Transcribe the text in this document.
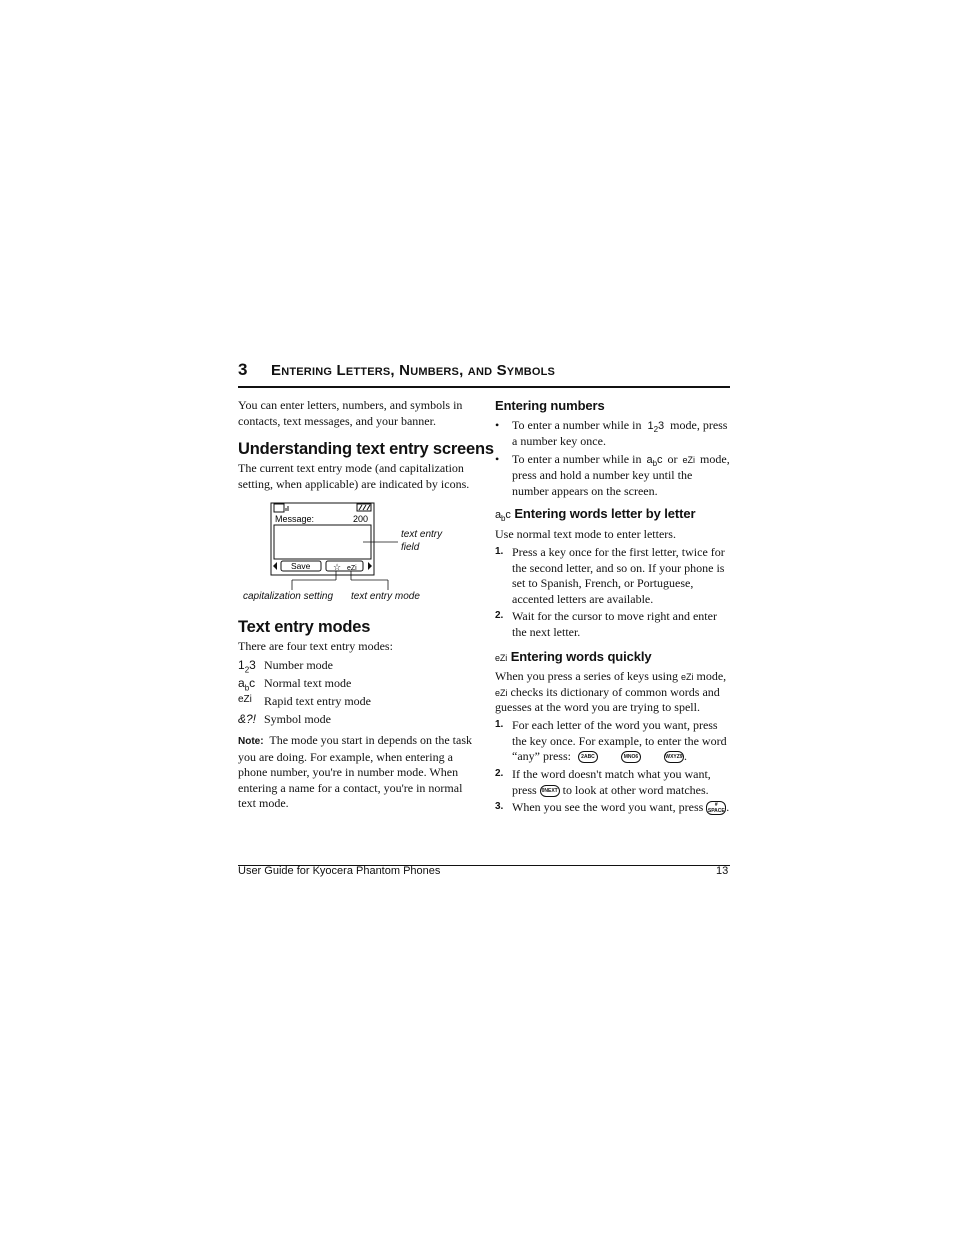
3 Entering Letters, Numbers, and Symbols
You can enter letters, numbers, and symbols in contacts, text messages, and your banner.
Understanding text entry screens
The current text entry mode (and capitalization setting, when applicable) are indicated by icons.
Message:	200
Save	☆ eZi
text entry
field
capitalization setting text entry mode
Text entry modes
There are four text entry modes:
$1_23$ Number mode
$a_bc$ Normal text mode
eZi	Rapid text entry mode
&?! Symbol mode
Note: The mode you start in depends on the task you are doing. For example, when entering a phone number, you're in number mode. When entering a name for a contact, you're in normal text mode.
Entering numbers
• To enter a number while in $1_23$ mode, press a number key once.
• To enter a number while in $a_bc$ or eZi mode, press and hold a number key until the number appears on the screen.
$a_bc$ Entering words letter by letter
Use normal text mode to enter letters.
1. Press a key once for the first letter, twice for the second letter, and so on. If your phone is set to Spanish, French, or Portuguese, accented letters are available.
2. Wait for the cursor to move right and enter the next letter.
eZi Entering words quickly
When you press a series of keys using eZi mode, eZi checks its dictionary of common words and guesses at the word you are trying to spell.
1. For each letter of the word you want, press the key once. For example, to enter the word “any” press: 2ABC	MNO6	WXYZ9.
2. If the word doesn't match what you want, press 0NEXT to look at other word matches.
3. When you see the word you want, press #
SPACE .
User Guide for Kyocera Phantom Phones	13
